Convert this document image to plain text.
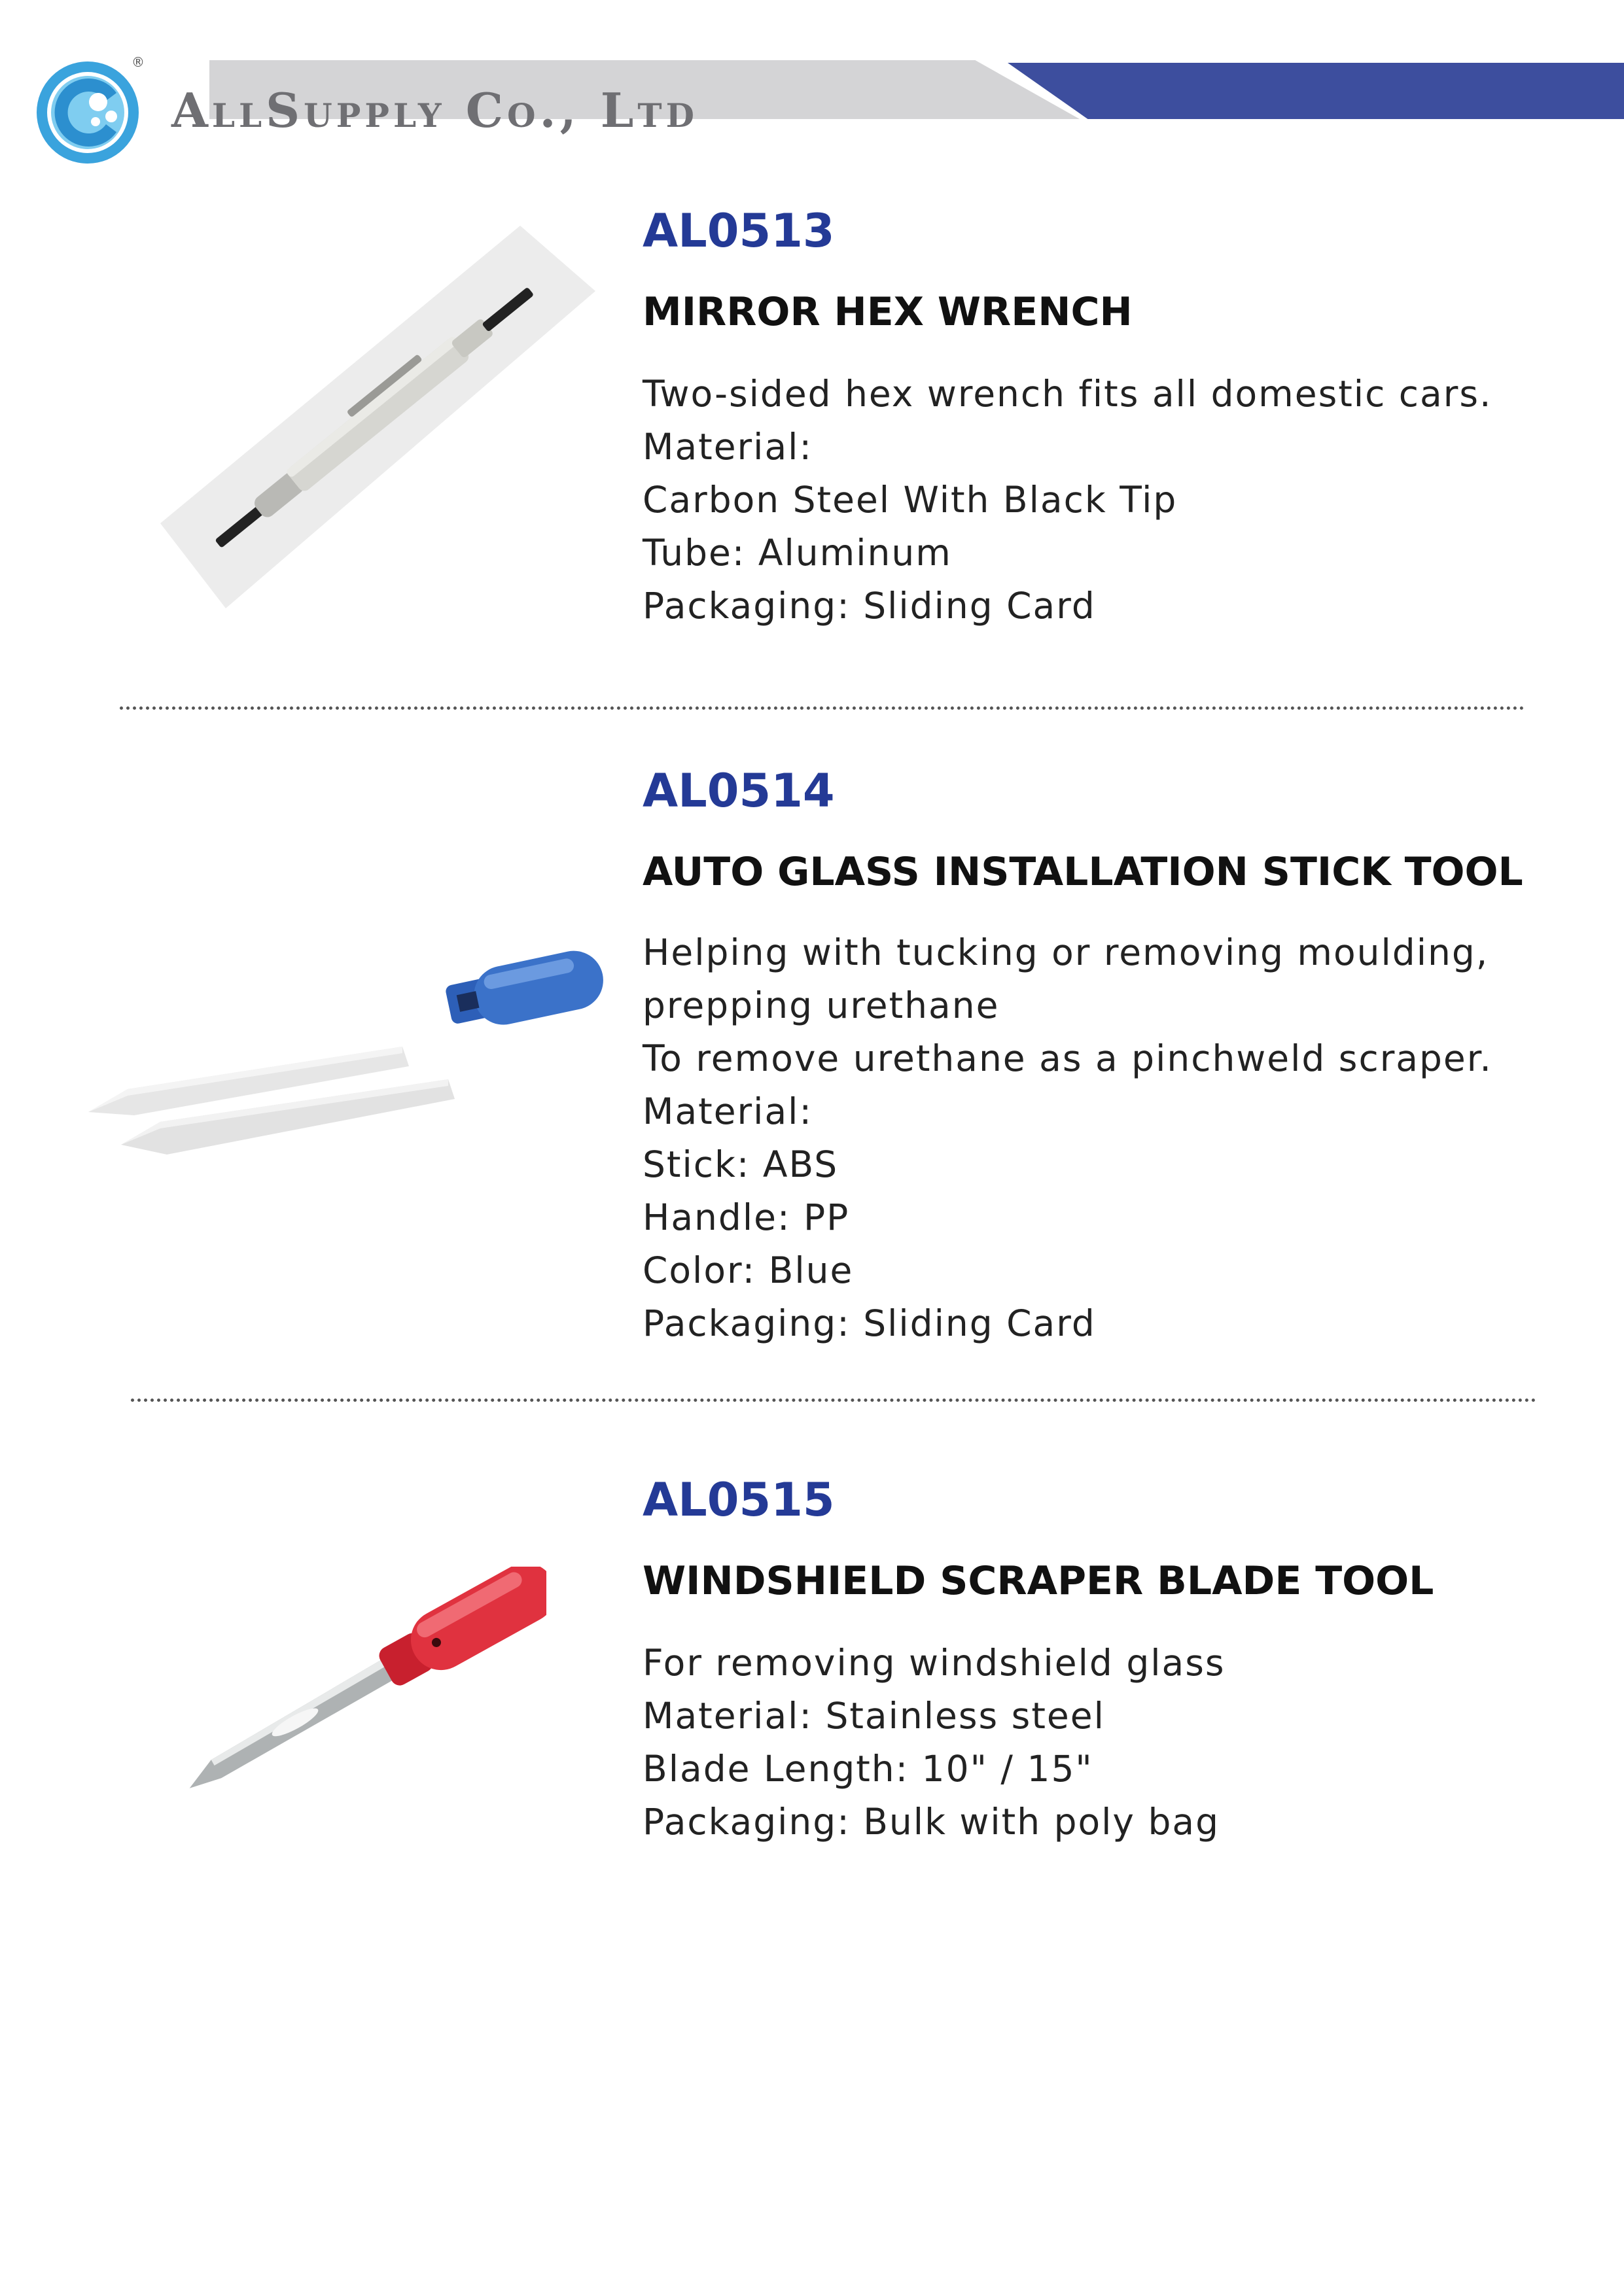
®
AllSupply Co., Ltd
AL0513
MIRROR HEX WRENCH
Two-sided hex wrench fits all domestic cars.
Material:
Carbon Steel With Black Tip
Tube: Aluminum
Packaging: Sliding Card
AL0514
AUTO GLASS INSTALLATION STICK TOOL
Helping with tucking or removing moulding,
prepping urethane
To remove urethane as a pinchweld scraper.
Material:
Stick: ABS
Handle: PP
Color: Blue
Packaging: Sliding Card
AL0515
WINDSHIELD SCRAPER BLADE TOOL
For removing windshield glass
Material: Stainless steel
Blade Length: 10" / 15"
Packaging: Bulk with poly bag
